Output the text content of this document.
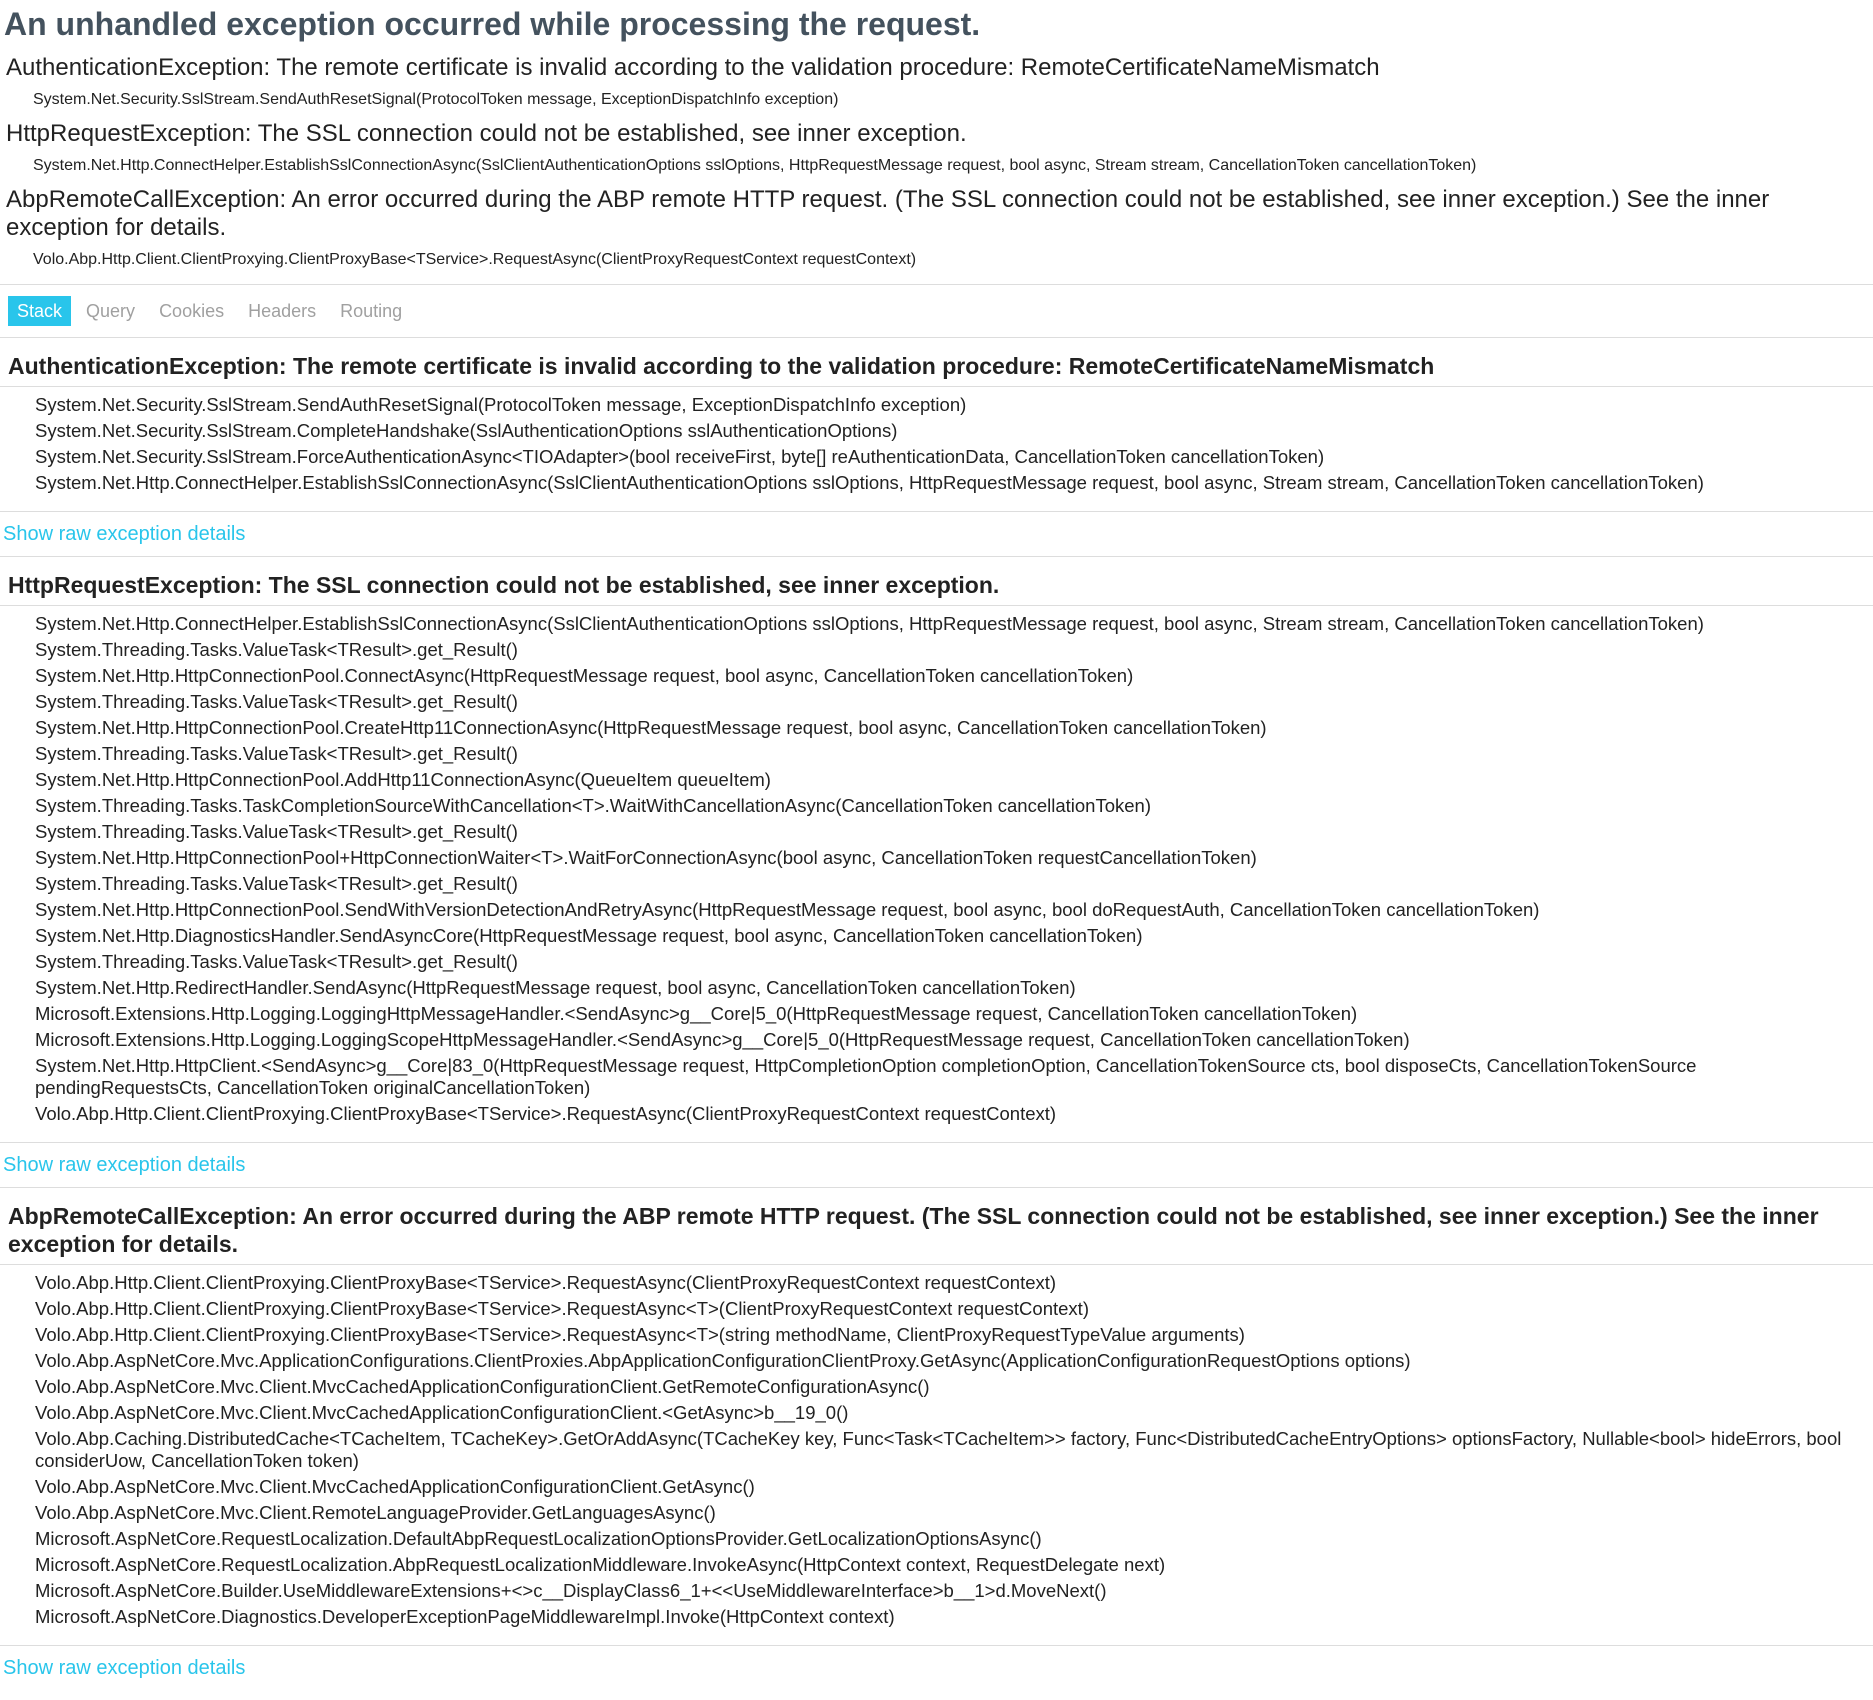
An unhandled exception occurred while processing the request.
AuthenticationException: The remote certificate is invalid according to the validation procedure: RemoteCertificateNameMismatch
System.Net.Security.SslStream.SendAuthResetSignal(ProtocolToken message, ExceptionDispatchInfo exception)
HttpRequestException: The SSL connection could not be established, see inner exception.
System.Net.Http.ConnectHelper.EstablishSslConnectionAsync(SslClientAuthenticationOptions sslOptions, HttpRequestMessage request, bool async, Stream stream, CancellationToken cancellationToken)
AbpRemoteCallException: An error occurred during the ABP remote HTTP request. (The SSL connection could not be established, see inner exception.) See the inner exception for details.
Volo.Abp.Http.Client.ClientProxying.ClientProxyBase<TService>.RequestAsync(ClientProxyRequestContext requestContext)
Stack	Query	Cookies	Headers	Routing
AuthenticationException: The remote certificate is invalid according to the validation procedure: RemoteCertificateNameMismatch
System.Net.Security.SslStream.SendAuthResetSignal(ProtocolToken message, ExceptionDispatchInfo exception)
System.Net.Security.SslStream.CompleteHandshake(SslAuthenticationOptions sslAuthenticationOptions)
System.Net.Security.SslStream.ForceAuthenticationAsync<TIOAdapter>(bool receiveFirst, byte[] reAuthenticationData, CancellationToken cancellationToken)
System.Net.Http.ConnectHelper.EstablishSslConnectionAsync(SslClientAuthenticationOptions sslOptions, HttpRequestMessage request, bool async, Stream stream, CancellationToken cancellationToken)
Show raw exception details
HttpRequestException: The SSL connection could not be established, see inner exception.
System.Net.Http.ConnectHelper.EstablishSslConnectionAsync(SslClientAuthenticationOptions sslOptions, HttpRequestMessage request, bool async, Stream stream, CancellationToken cancellationToken)
System.Threading.Tasks.ValueTask<TResult>.get_Result()
System.Net.Http.HttpConnectionPool.ConnectAsync(HttpRequestMessage request, bool async, CancellationToken cancellationToken)
System.Threading.Tasks.ValueTask<TResult>.get_Result()
System.Net.Http.HttpConnectionPool.CreateHttp11ConnectionAsync(HttpRequestMessage request, bool async, CancellationToken cancellationToken)
System.Threading.Tasks.ValueTask<TResult>.get_Result()
System.Net.Http.HttpConnectionPool.AddHttp11ConnectionAsync(QueueItem queueItem)
System.Threading.Tasks.TaskCompletionSourceWithCancellation<T>.WaitWithCancellationAsync(CancellationToken cancellationToken)
System.Threading.Tasks.ValueTask<TResult>.get_Result()
System.Net.Http.HttpConnectionPool+HttpConnectionWaiter<T>.WaitForConnectionAsync(bool async, CancellationToken requestCancellationToken)
System.Threading.Tasks.ValueTask<TResult>.get_Result()
System.Net.Http.HttpConnectionPool.SendWithVersionDetectionAndRetryAsync(HttpRequestMessage request, bool async, bool doRequestAuth, CancellationToken cancellationToken)
System.Net.Http.DiagnosticsHandler.SendAsyncCore(HttpRequestMessage request, bool async, CancellationToken cancellationToken)
System.Threading.Tasks.ValueTask<TResult>.get_Result()
System.Net.Http.RedirectHandler.SendAsync(HttpRequestMessage request, bool async, CancellationToken cancellationToken)
Microsoft.Extensions.Http.Logging.LoggingHttpMessageHandler.<SendAsync>g__Core|5_0(HttpRequestMessage request, CancellationToken cancellationToken)
Microsoft.Extensions.Http.Logging.LoggingScopeHttpMessageHandler.<SendAsync>g__Core|5_0(HttpRequestMessage request, CancellationToken cancellationToken)
System.Net.Http.HttpClient.<SendAsync>g__Core|83_0(HttpRequestMessage request, HttpCompletionOption completionOption, CancellationTokenSource cts, bool disposeCts, CancellationTokenSource pendingRequestsCts, CancellationToken originalCancellationToken)
Volo.Abp.Http.Client.ClientProxying.ClientProxyBase<TService>.RequestAsync(ClientProxyRequestContext requestContext)
Show raw exception details
AbpRemoteCallException: An error occurred during the ABP remote HTTP request. (The SSL connection could not be established, see inner exception.) See the inner exception for details.
Volo.Abp.Http.Client.ClientProxying.ClientProxyBase<TService>.RequestAsync(ClientProxyRequestContext requestContext)
Volo.Abp.Http.Client.ClientProxying.ClientProxyBase<TService>.RequestAsync<T>(ClientProxyRequestContext requestContext)
Volo.Abp.Http.Client.ClientProxying.ClientProxyBase<TService>.RequestAsync<T>(string methodName, ClientProxyRequestTypeValue arguments)
Volo.Abp.AspNetCore.Mvc.ApplicationConfigurations.ClientProxies.AbpApplicationConfigurationClientProxy.GetAsync(ApplicationConfigurationRequestOptions options)
Volo.Abp.AspNetCore.Mvc.Client.MvcCachedApplicationConfigurationClient.GetRemoteConfigurationAsync()
Volo.Abp.AspNetCore.Mvc.Client.MvcCachedApplicationConfigurationClient.<GetAsync>b__19_0()
Volo.Abp.Caching.DistributedCache<TCacheItem, TCacheKey>.GetOrAddAsync(TCacheKey key, Func<Task<TCacheItem>> factory, Func<DistributedCacheEntryOptions> optionsFactory, Nullable<bool> hideErrors, bool considerUow, CancellationToken token)
Volo.Abp.AspNetCore.Mvc.Client.MvcCachedApplicationConfigurationClient.GetAsync()
Volo.Abp.AspNetCore.Mvc.Client.RemoteLanguageProvider.GetLanguagesAsync()
Microsoft.AspNetCore.RequestLocalization.DefaultAbpRequestLocalizationOptionsProvider.GetLocalizationOptionsAsync()
Microsoft.AspNetCore.RequestLocalization.AbpRequestLocalizationMiddleware.InvokeAsync(HttpContext context, RequestDelegate next)
Microsoft.AspNetCore.Builder.UseMiddlewareExtensions+<>c__DisplayClass6_1+<<UseMiddlewareInterface>b__1>d.MoveNext()
Microsoft.AspNetCore.Diagnostics.DeveloperExceptionPageMiddlewareImpl.Invoke(HttpContext context)
Show raw exception details
